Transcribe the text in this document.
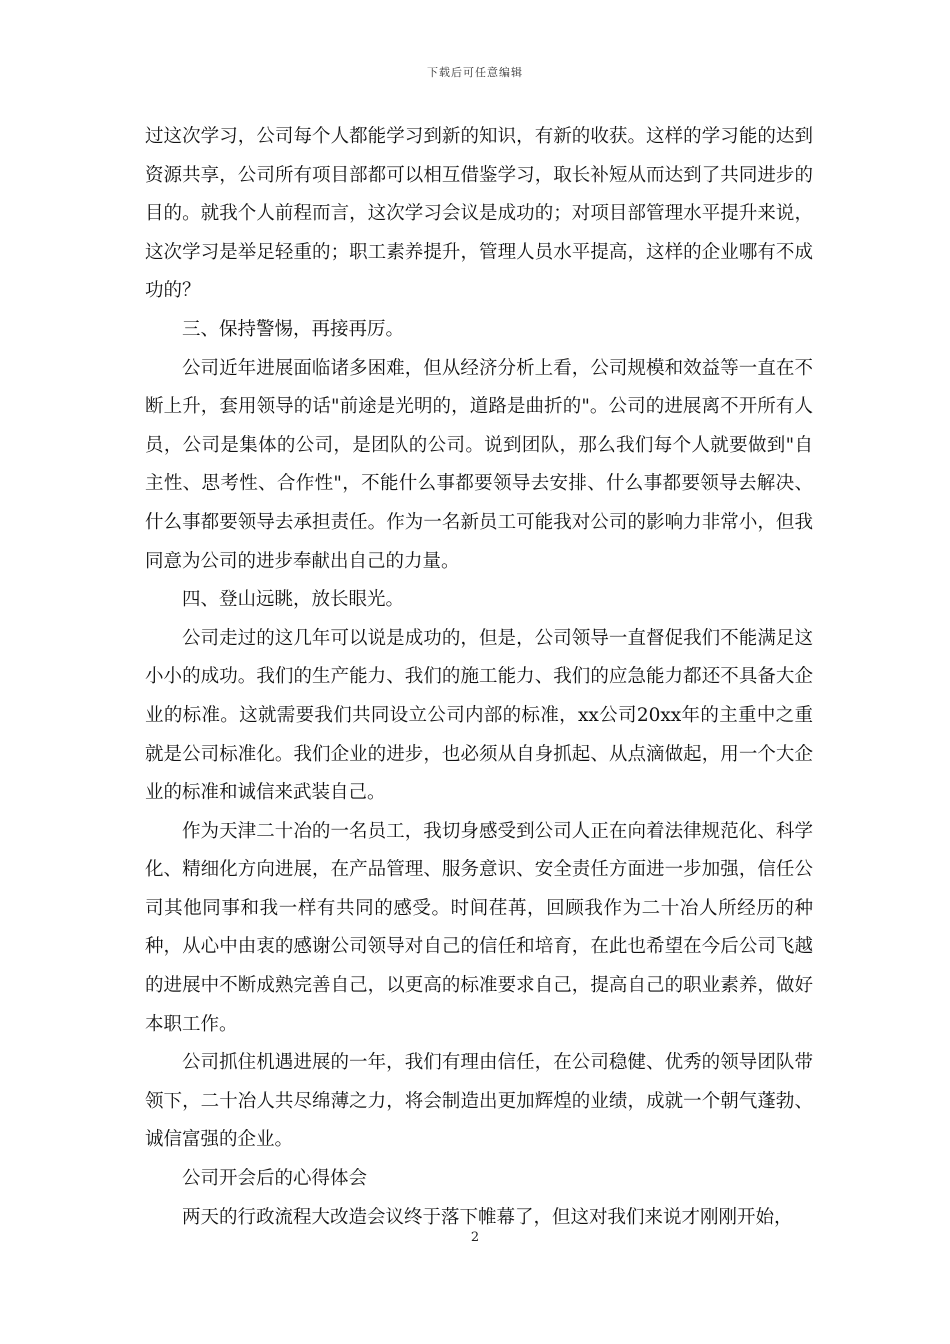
下载后可任意编辑

过这次学习，公司每个人都能学习到新的知识，有新的收获。这样的学习能的达到资源共享，公司所有项目部都可以相互借鉴学习，取长补短从而达到了共同进步的目的。就我个人前程而言，这次学习会议是成功的；对项目部管理水平提升来说，这次学习是举足轻重的；职工素养提升，管理人员水平提高，这样的企业哪有不成功的？

三、保持警惕，再接再厉。

公司近年进展面临诸多困难，但从经济分析上看，公司规模和效益等一直在不断上升，套用领导的话"前途是光明的，道路是曲折的"。公司的进展离不开所有人员，公司是集体的公司，是团队的公司。说到团队，那么我们每个人就要做到"自主性、思考性、合作性"，不能什么事都要领导去安排、什么事都要领导去解决、什么事都要领导去承担责任。作为一名新员工可能我对公司的影响力非常小，但我同意为公司的进步奉献出自己的力量。

四、登山远眺，放长眼光。

公司走过的这几年可以说是成功的，但是，公司领导一直督促我们不能满足这小小的成功。我们的生产能力、我们的施工能力、我们的应急能力都还不具备大企业的标准。这就需要我们共同设立公司内部的标准，xx公司20xx年的主重中之重就是公司标准化。我们企业的进步，也必须从自身抓起、从点滴做起，用一个大企业的标准和诚信来武装自己。

作为天津二十冶的一名员工，我切身感受到公司人正在向着法律规范化、科学化、精细化方向进展，在产品管理、服务意识、安全责任方面进一步加强，信任公司其他同事和我一样有共同的感受。时间荏苒，回顾我作为二十冶人所经历的种种，从心中由衷的感谢公司领导对自己的信任和培育，在此也希望在今后公司飞越的进展中不断成熟完善自己，以更高的标准要求自己，提高自己的职业素养，做好本职工作。

公司抓住机遇进展的一年，我们有理由信任，在公司稳健、优秀的领导团队带领下，二十冶人共尽绵薄之力，将会制造出更加辉煌的业绩，成就一个朝气蓬勃、诚信富强的企业。

公司开会后的心得体会

两天的行政流程大改造会议终于落下帷幕了，但这对我们来说才刚刚开始，

2
